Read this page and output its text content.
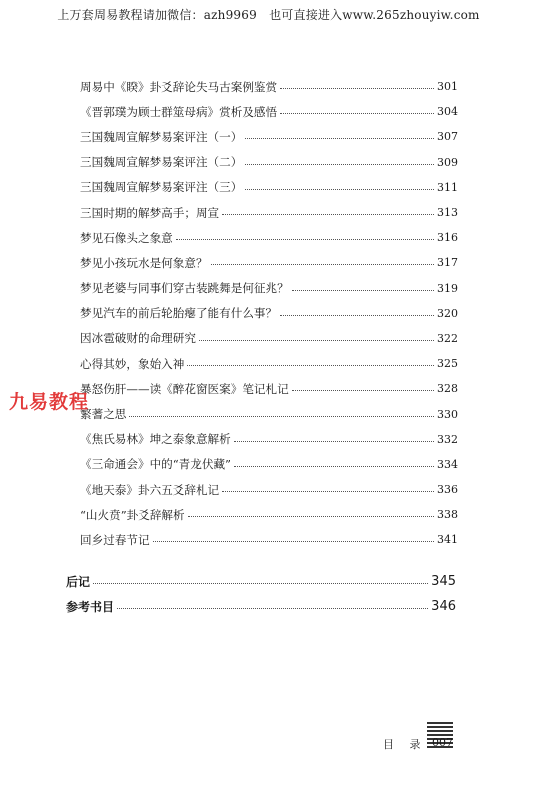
上万套周易教程请加微信：azh9969　也可直接进入www.265zhouyiw.com
周易中《睽》卦爻辞论失马古案例鉴赏	301
《晋郭璞为顾士群筮母病》赏析及感悟	304
三国魏周宣解梦易案评注（一）	307
三国魏周宣解梦易案评注（二）	309
三国魏周宣解梦易案评注（三）	311
三国时期的解梦高手；周宣	313
梦见石像头之象意	316
梦见小孩玩水是何象意？	317
梦见老婆与同事们穿古装跳舞是何征兆？	319
梦见汽车的前后轮胎瘪了能有什么事？	320
因冰雹破财的命理研究	322
心得其妙，象始入神	325
暴怒伤肝——读《醉花窗医案》笔记札记	328
繁蓍之思	330
《焦氏易林》坤之泰象意解析	332
《三命通会》中的“青龙伏藏”	334
《地天泰》卦六五爻辞札记	336
“山火贲”卦爻辞解析	338
回乡过春节记	341
后记	345
参考书目	346
九易教程
目 录 007
